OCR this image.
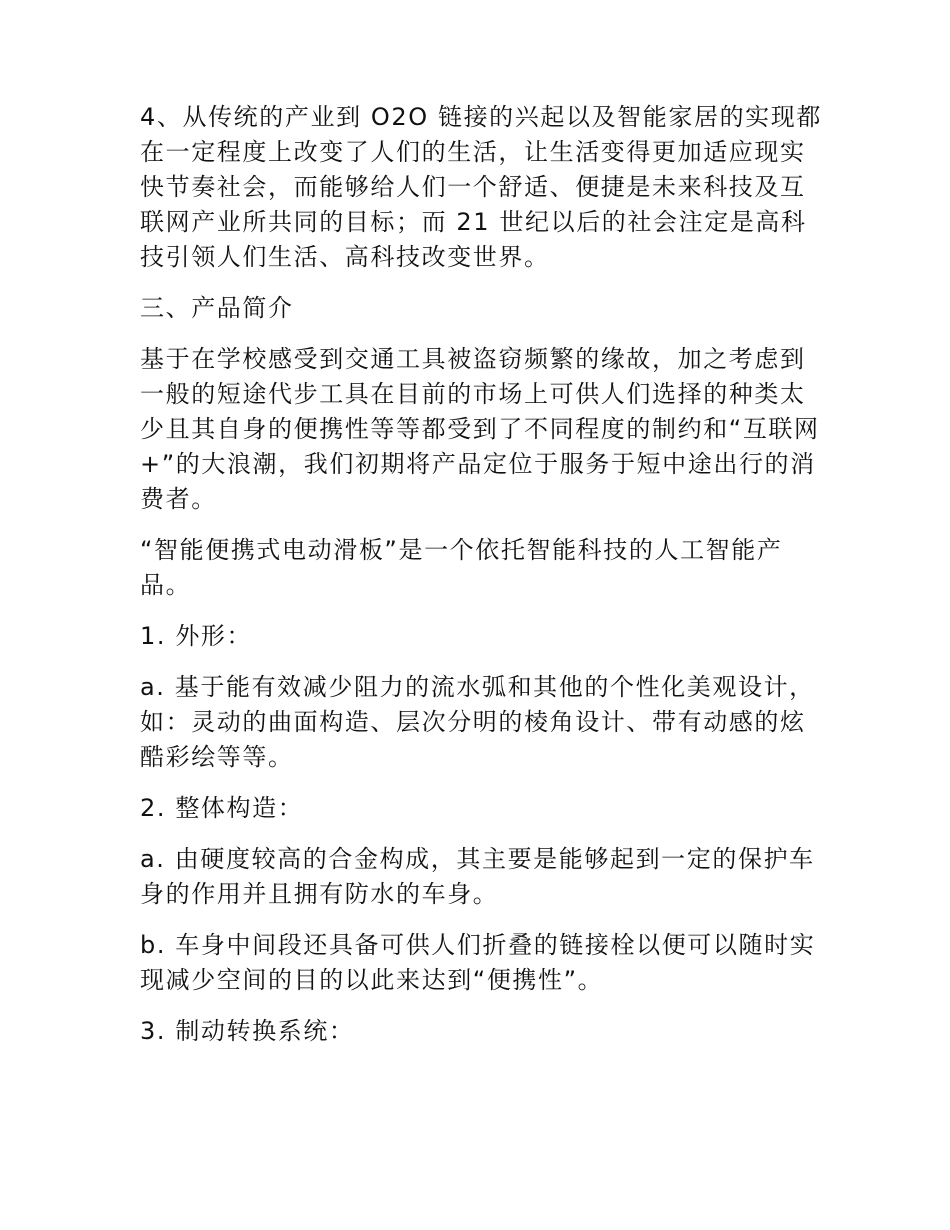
4、从传统的产业到 O2O 链接的兴起以及智能家居的实现都在一定程度上改变了人们的生活，让生活变得更加适应现实快节奏社会，而能够给人们一个舒适、便捷是未来科技及互联网产业所共同的目标；而 21 世纪以后的社会注定是高科技引领人们生活、高科技改变世界。

三、产品简介

基于在学校感受到交通工具被盗窃频繁的缘故，加之考虑到一般的短途代步工具在目前的市场上可供人们选择的种类太少且其自身的便携性等等都受到了不同程度的制约和“互联网+”的大浪潮，我们初期将产品定位于服务于短中途出行的消费者。

“智能便携式电动滑板”是一个依托智能科技的人工智能产品。

1. 外形：

a. 基于能有效减少阻力的流水弧和其他的个性化美观设计，如：灵动的曲面构造、层次分明的棱角设计、带有动感的炫酷彩绘等等。

2. 整体构造：

a. 由硬度较高的合金构成，其主要是能够起到一定的保护车身的作用并且拥有防水的车身。

b. 车身中间段还具备可供人们折叠的链接栓以便可以随时实现减少空间的目的以此来达到“便携性”。

3. 制动转换系统：
